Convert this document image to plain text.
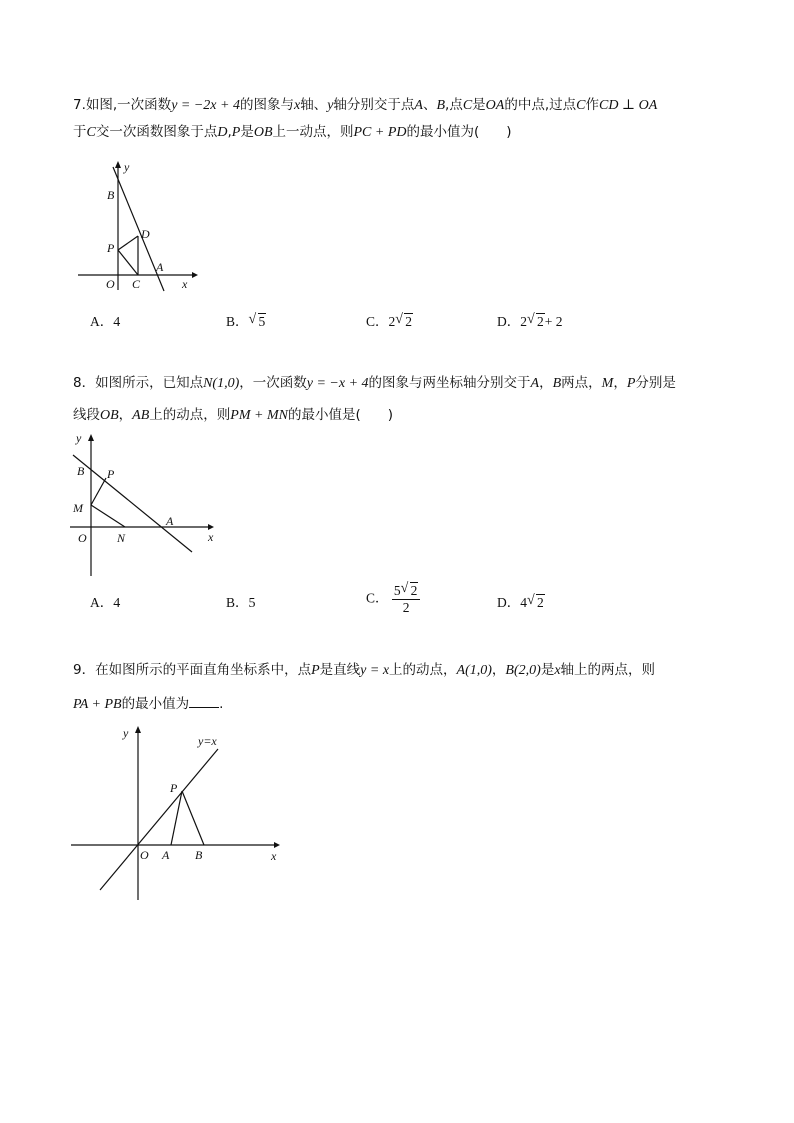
7.如图,一次函数y = −2x + 4的图象与x轴、y轴分别交于点A、B,点C是OA的中点,过点C作CD ⊥ OA
于C交一次函数图象于点D,P是OB上一动点，则PC + PD的最小值为(　　)
y
B
D
P
A
O C	x
A．4	B． √ 5	C．2 √ 2	D．2 √ 2+ 2
8．如图所示，已知点N(1,0)，一次函数y = −x + 4的图象与两坐标轴分别交于A，B两点，M，P分别是
线段OB，AB上的动点，则PM + MN的最小值是(　　)
y
B P
M
A
O	N	x
A．4	B．5	C． $\frac{5 √ 2}{2}$	D．4 √ 2
9．在如图所示的平面直角坐标系中，点P是直线y = x上的动点，A(1,0)，B(2,0)是x轴上的两点，则
PA + PB的最小值为 .
y
y=x
P
O A B	x
